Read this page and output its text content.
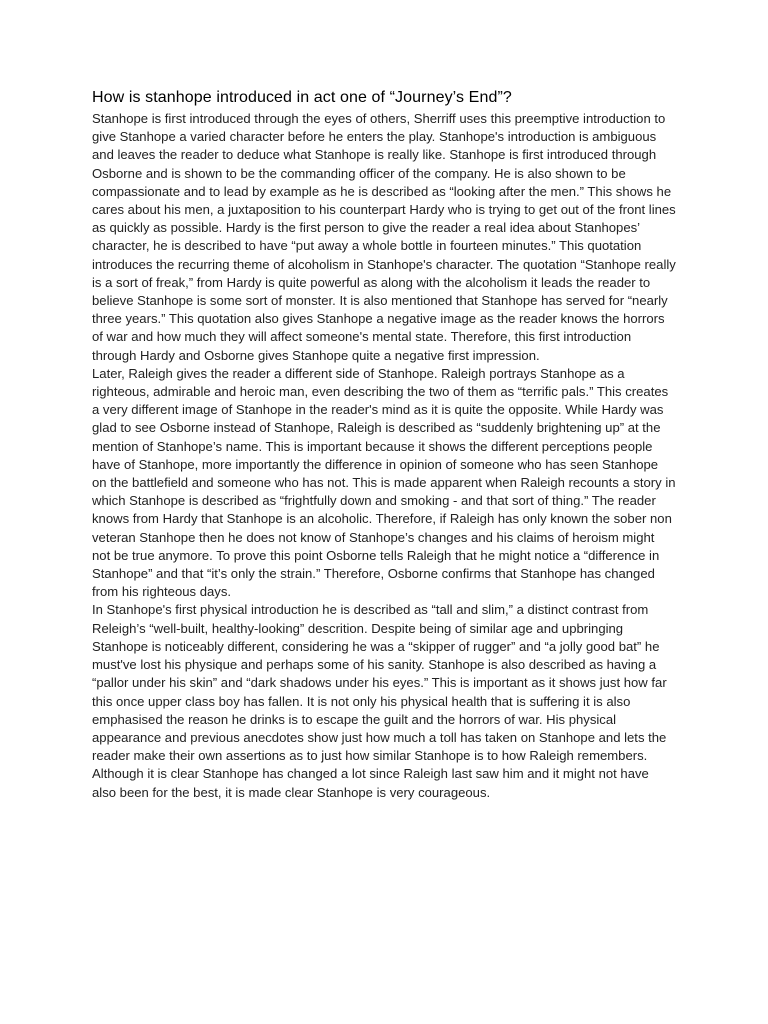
How is stanhope introduced in act one of “Journey’s End”?

Stanhope is first introduced through the eyes of others, Sherriff uses this preemptive introduction to give Stanhope a varied character before he enters the play. Stanhope's introduction is ambiguous and leaves the reader to deduce what Stanhope is really like. Stanhope is first introduced through Osborne and is shown to be the commanding officer of the company. He is also shown to be compassionate and to lead by example as he is described as “looking after the men.” This shows he cares about his men, a juxtaposition to his counterpart Hardy who is trying to get out of the front lines as quickly as possible. Hardy is the first person to give the reader a real idea about Stanhopes’ character, he is described to have “put away a whole bottle in fourteen minutes.” This quotation introduces the recurring theme of alcoholism in Stanhope's character. The quotation “Stanhope really is a sort of freak,” from Hardy is quite powerful as along with the alcoholism it leads the reader to believe Stanhope is some sort of monster. It is also mentioned that Stanhope has served for “nearly three years.” This quotation also gives Stanhope a negative image as the reader knows the horrors of war and how much they will affect someone's mental state. Therefore, this first introduction through Hardy and Osborne gives Stanhope quite a negative first impression.

Later, Raleigh gives the reader a different side of Stanhope. Raleigh portrays Stanhope as a righteous, admirable and heroic man, even describing the two of them as “terrific pals.” This creates a very different image of Stanhope in the reader's mind as it is quite the opposite. While Hardy was glad to see Osborne instead of Stanhope, Raleigh is described as “suddenly brightening up” at the mention of Stanhope’s name. This is important because it shows the different perceptions people have of Stanhope, more importantly the difference in opinion of someone who has seen Stanhope on the battlefield and someone who has not. This is made apparent when Raleigh recounts a story in which Stanhope is described as “frightfully down and smoking - and that sort of thing.” The reader knows from Hardy that Stanhope is an alcoholic. Therefore, if Raleigh has only known the sober non veteran Stanhope then he does not know of Stanhope’s changes and his claims of heroism might not be true anymore. To prove this point Osborne tells Raleigh that he might notice a “difference in Stanhope” and that “it’s only the strain.” Therefore, Osborne confirms that Stanhope has changed from his righteous days.

In Stanhope's first physical introduction he is described as “tall and slim,” a distinct contrast from Releigh’s “well-built, healthy-looking” descrition. Despite being of similar age and upbringing Stanhope is noticeably different, considering he was a “skipper of rugger” and “a jolly good bat” he must've lost his physique and perhaps some of his sanity. Stanhope is also described as having a “pallor under his skin” and “dark shadows under his eyes.” This is important as it shows just how far this once upper class boy has fallen. It is not only his physical health that is suffering it is also emphasised the reason he drinks is to escape the guilt and the horrors of war. His physical appearance and previous anecdotes show just how much a toll has taken on Stanhope and lets the reader make their own assertions as to just how similar Stanhope is to how Raleigh remembers.

Although it is clear Stanhope has changed a lot since Raleigh last saw him and it might not have also been for the best, it is made clear Stanhope is very courageous.
